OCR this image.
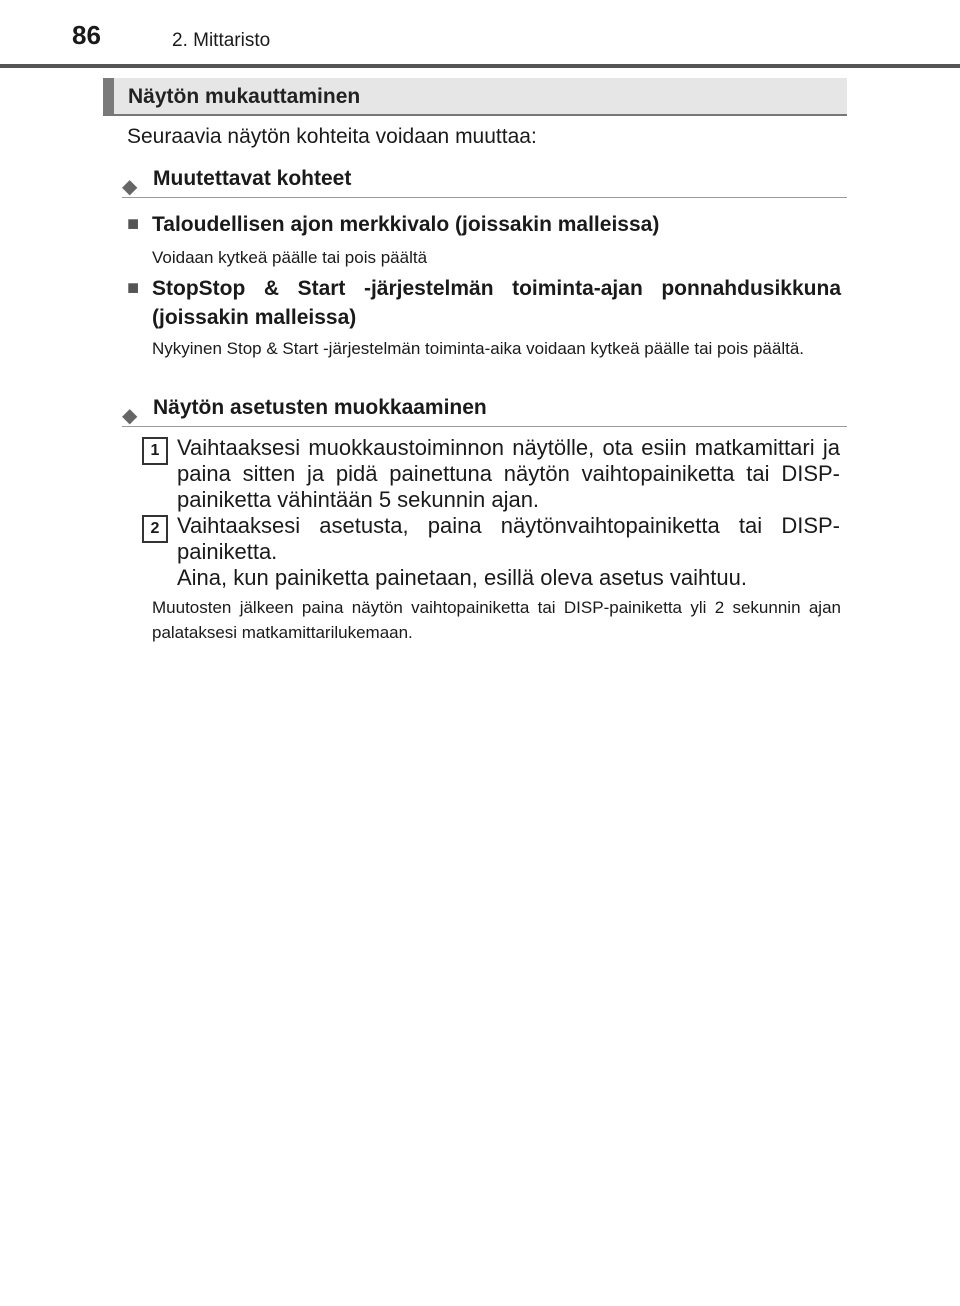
86	2. Mittaristo
Näytön mukauttaminen
Seuraavia näytön kohteita voidaan muuttaa:
◆ Muutettavat kohteet
■ Taloudellisen ajon merkkivalo (joissakin malleissa)
Voidaan kytkeä päälle tai pois päältä
■ StopStop & Start -järjestelmän toiminta-ajan ponnahdusikkuna (joissakin malleissa)
Nykyinen Stop & Start -järjestelmän toiminta-aika voidaan kytkeä päälle tai pois päältä.
◆ Näytön asetusten muokkaaminen
1 Vaihtaaksesi muokkaustoiminnon näytölle, ota esiin matkamittari ja paina sitten ja pidä painettuna näytön vaihtopainiketta tai DISP-painiketta vähintään 5 sekunnin ajan.
2 Vaihtaaksesi asetusta, paina näytönvaihtopainiketta tai DISP-painiketta.
Aina, kun painiketta painetaan, esillä oleva asetus vaihtuu.
Muutosten jälkeen paina näytön vaihtopainiketta tai DISP-painiketta yli 2 sekunnin ajan palataksesi matkamittarilukemaan.
